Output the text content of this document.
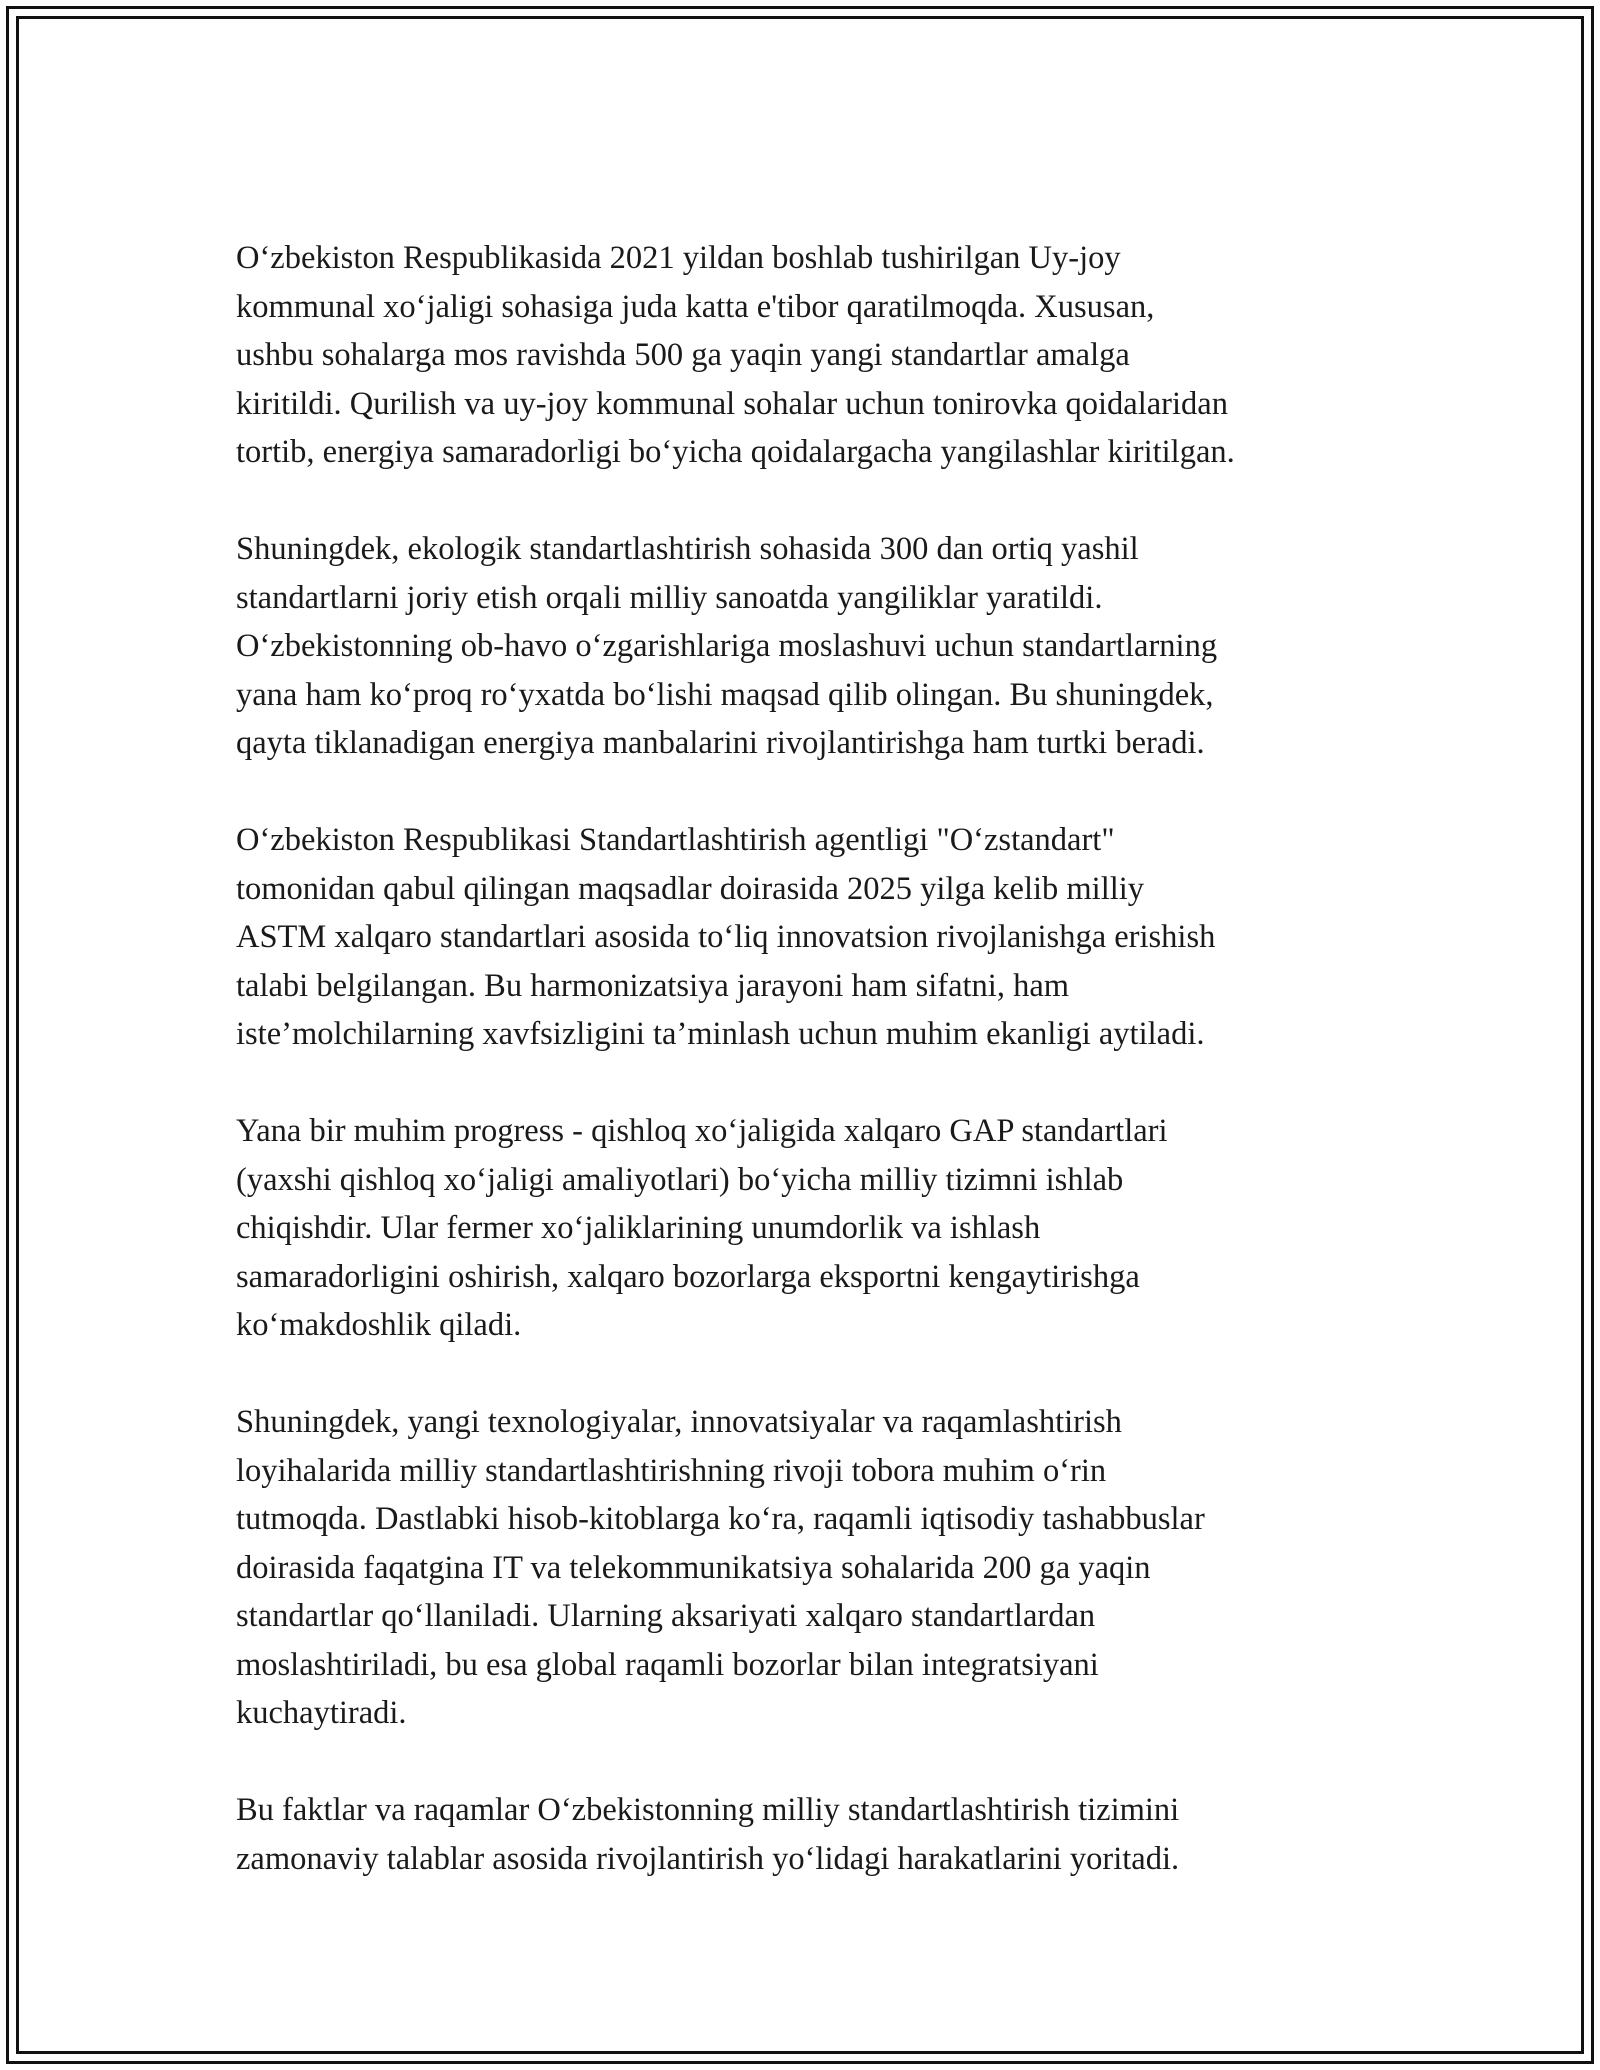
O‘zbekiston Respublikasida 2021 yildan boshlab tushirilgan Uy-joy
kommunal xo‘jaligi sohasiga juda katta e'tibor qaratilmoqda. Xususan,
ushbu sohalarga mos ravishda 500 ga yaqin yangi standartlar amalga
kiritildi. Qurilish va uy-joy kommunal sohalar uchun tonirovka qoidalaridan
tortib, energiya samaradorligi bo‘yicha qoidalargacha yangilashlar kiritilgan.

Shuningdek, ekologik standartlashtirish sohasida 300 dan ortiq yashil
standartlarni joriy etish orqali milliy sanoatda yangiliklar yaratildi.
O‘zbekistonning ob-havo o‘zgarishlariga moslashuvi uchun standartlarning
yana ham ko‘proq ro‘yxatda bo‘lishi maqsad qilib olingan. Bu shuningdek,
qayta tiklanadigan energiya manbalarini rivojlantirishga ham turtki beradi.

O‘zbekiston Respublikasi Standartlashtirish agentligi "O‘zstandart"
tomonidan qabul qilingan maqsadlar doirasida 2025 yilga kelib milliy
ASTM xalqaro standartlari asosida to‘liq innovatsion rivojlanishga erishish
talabi belgilangan. Bu harmonizatsiya jarayoni ham sifatni, ham
iste’molchilarning xavfsizligini ta’minlash uchun muhim ekanligi aytiladi.

Yana bir muhim progress - qishloq xo‘jaligida xalqaro GAP standartlari
(yaxshi qishloq xo‘jaligi amaliyotlari) bo‘yicha milliy tizimni ishlab
chiqishdir. Ular fermer xo‘jaliklarining unumdorlik va ishlash
samaradorligini oshirish, xalqaro bozorlarga eksportni kengaytirishga
ko‘makdoshlik qiladi.

Shuningdek, yangi texnologiyalar, innovatsiyalar va raqamlashtirish
loyihalarida milliy standartlashtirishning rivoji tobora muhim o‘rin
tutmoqda. Dastlabki hisob-kitoblarga ko‘ra, raqamli iqtisodiy tashabbuslar
doirasida faqatgina IT va telekommunikatsiya sohalarida 200 ga yaqin
standartlar qo‘llaniladi. Ularning aksariyati xalqaro standartlardan
moslashtiriladi, bu esa global raqamli bozorlar bilan integratsiyani
kuchaytiradi.

Bu faktlar va raqamlar O‘zbekistonning milliy standartlashtirish tizimini
zamonaviy talablar asosida rivojlantirish yo‘lidagi harakatlarini yoritadi.
